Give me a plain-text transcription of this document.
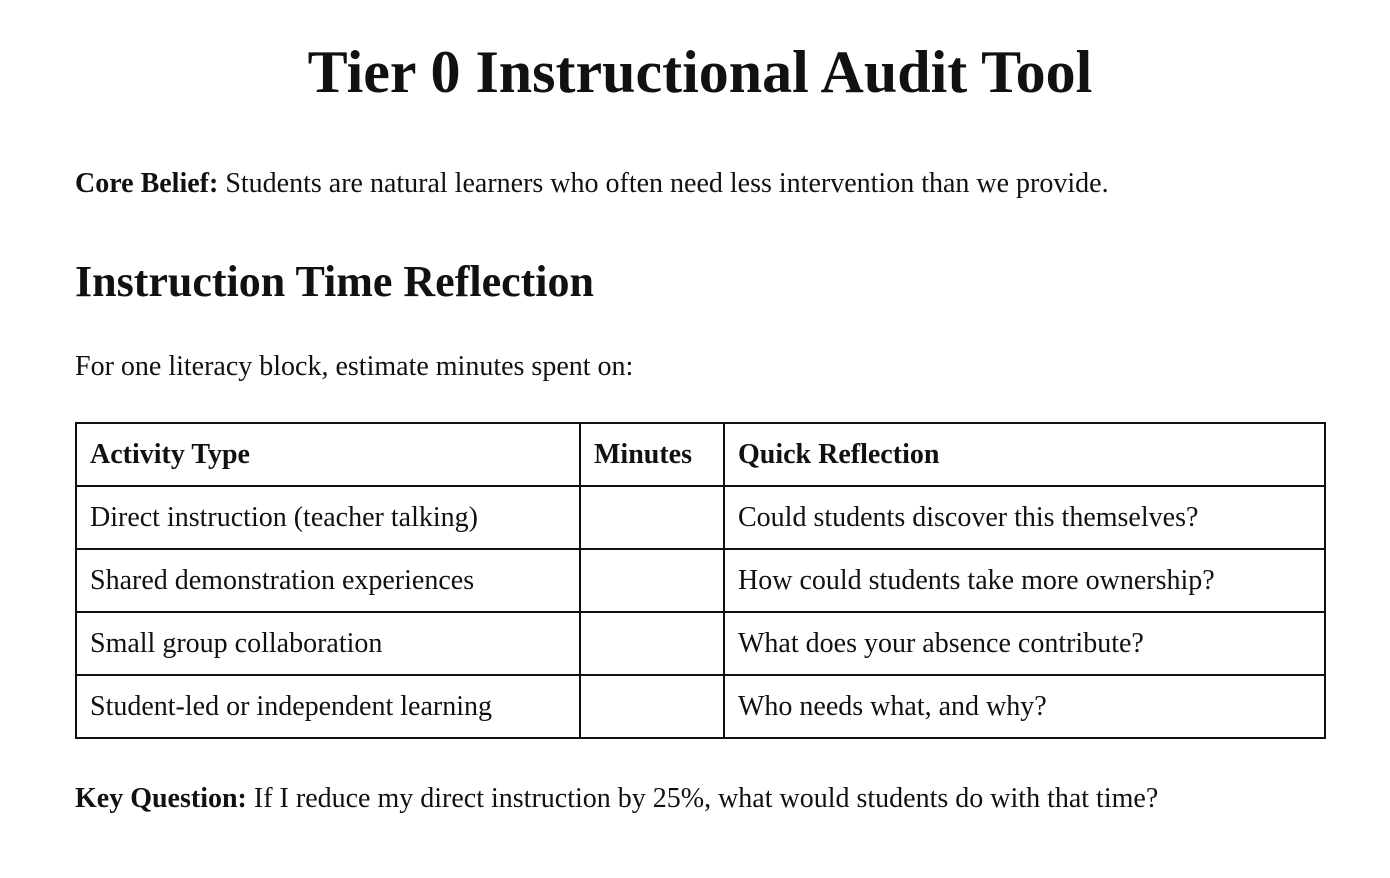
Tier 0 Instructional Audit Tool

Core Belief: Students are natural learners who often need less intervention than we provide.

Instruction Time Reflection

For one literacy block, estimate minutes spent on:

Activity Type	Minutes	Quick Reflection
Direct instruction (teacher talking)		Could students discover this themselves?
Shared demonstration experiences		How could students take more ownership?
Small group collaboration		What does your absence contribute?
Student-led or independent learning		Who needs what, and why?

Key Question: If I reduce my direct instruction by 25%, what would students do with that time?
